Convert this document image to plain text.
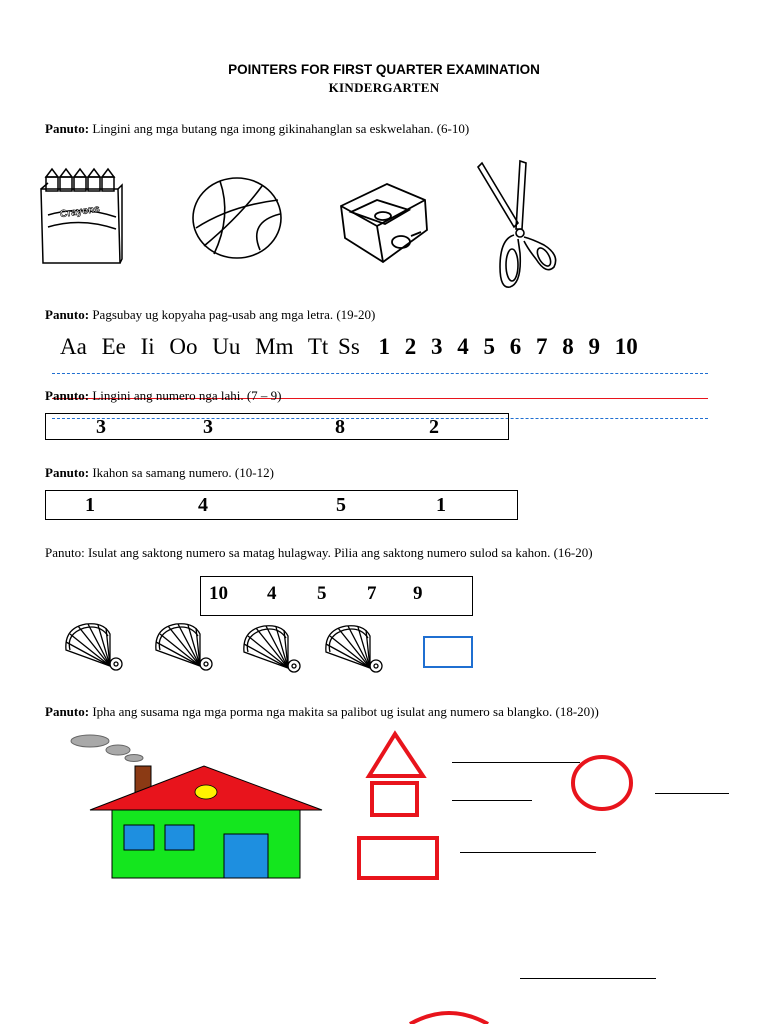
POINTERS FOR FIRST QUARTER EXAMINATION
KINDERGARTEN
Panuto: Lingini ang mga butang nga imong gikinahanglan sa eskwelahan. (6-10)
Crayons
Panuto: Pagsubay ug kopyaha pag-usab ang mga letra. (19-20)
Aa Ee Ii Oo Uu Mm Tt Ss 1 2 3 4 5 6 7 8 9 10
Panuto: Lingini ang numero nga lahi. (7 – 9)
3	3	8	2
Panuto: Ikahon sa samang numero. (10-12)
1	4	5	1
Panuto: Isulat ang saktong numero sa matag hulagway. Pilia ang saktong numero sulod sa kahon. (16-20)
10 4 5 7 9
Panuto: Ipha ang susama nga mga porma nga makita sa palibot ug isulat ang numero sa blangko. (18-20))
